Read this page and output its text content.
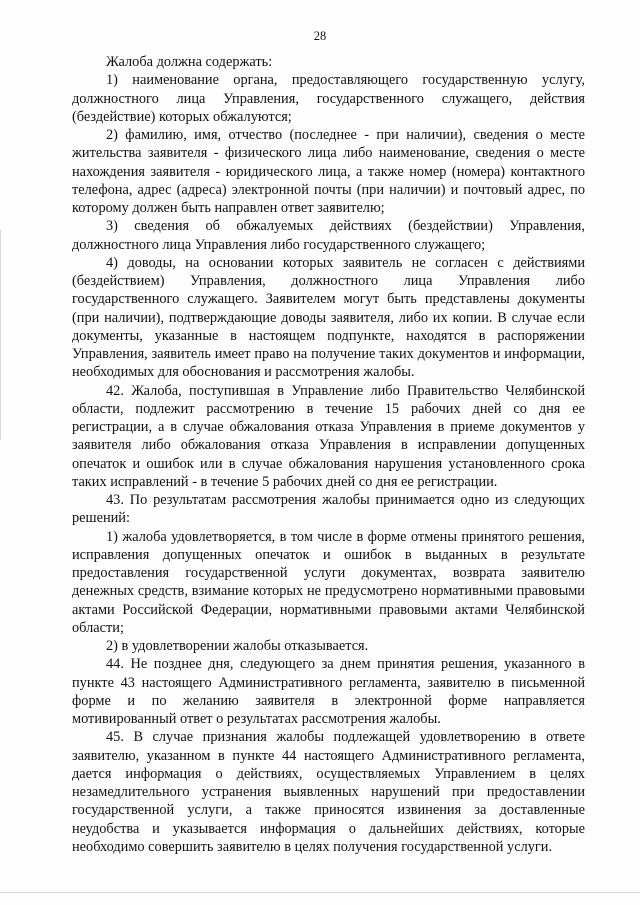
28

Жалоба должна содержать:

1) наименование органа, предоставляющего государственную услугу, должностного лица Управления, государственного служащего, действия (бездействие) которых обжалуются;

2) фамилию, имя, отчество (последнее - при наличии), сведения о месте жительства заявителя - физического лица либо наименование, сведения о месте нахождения заявителя - юридического лица, а также номер (номера) контактного телефона, адрес (адреса) электронной почты (при наличии) и почтовый адрес, по которому должен быть направлен ответ заявителю;

3) сведения об обжалуемых действиях (бездействии) Управления, должностного лица Управления либо государственного служащего;

4) доводы, на основании которых заявитель не согласен с действиями (бездействием) Управления, должностного лица Управления либо государственного служащего. Заявителем могут быть представлены документы (при наличии), подтверждающие доводы заявителя, либо их копии. В случае если документы, указанные в настоящем подпункте, находятся в распоряжении Управления, заявитель имеет право на получение таких документов и информации, необходимых для обоснования и рассмотрения жалобы.

42. Жалоба, поступившая в Управление либо Правительство Челябинской области, подлежит рассмотрению в течение 15 рабочих дней со дня ее регистрации, а в случае обжалования отказа Управления в приеме документов у заявителя либо обжалования отказа Управления в исправлении допущенных опечаток и ошибок или в случае обжалования нарушения установленного срока таких исправлений - в течение 5 рабочих дней со дня ее регистрации.

43. По результатам рассмотрения жалобы принимается одно из следующих решений:

1) жалоба удовлетворяется, в том числе в форме отмены принятого решения, исправления допущенных опечаток и ошибок в выданных в результате предоставления государственной услуги документах, возврата заявителю денежных средств, взимание которых не предусмотрено нормативными правовыми актами Российской Федерации, нормативными правовыми актами Челябинской области;

2) в удовлетворении жалобы отказывается.

44. Не позднее дня, следующего за днем принятия решения, указанного в пункте 43 настоящего Административного регламента, заявителю в письменной форме и по желанию заявителя в электронной форме направляется мотивированный ответ о результатах рассмотрения жалобы.

45. В случае признания жалобы подлежащей удовлетворению в ответе заявителю, указанном в пункте 44 настоящего Административного регламента, дается информация о действиях, осуществляемых Управлением в целях незамедлительного устранения выявленных нарушений при предоставлении государственной услуги, а также приносятся извинения за доставленные неудобства и указывается информация о дальнейших действиях, которые необходимо совершить заявителю в целях получения государственной услуги.
